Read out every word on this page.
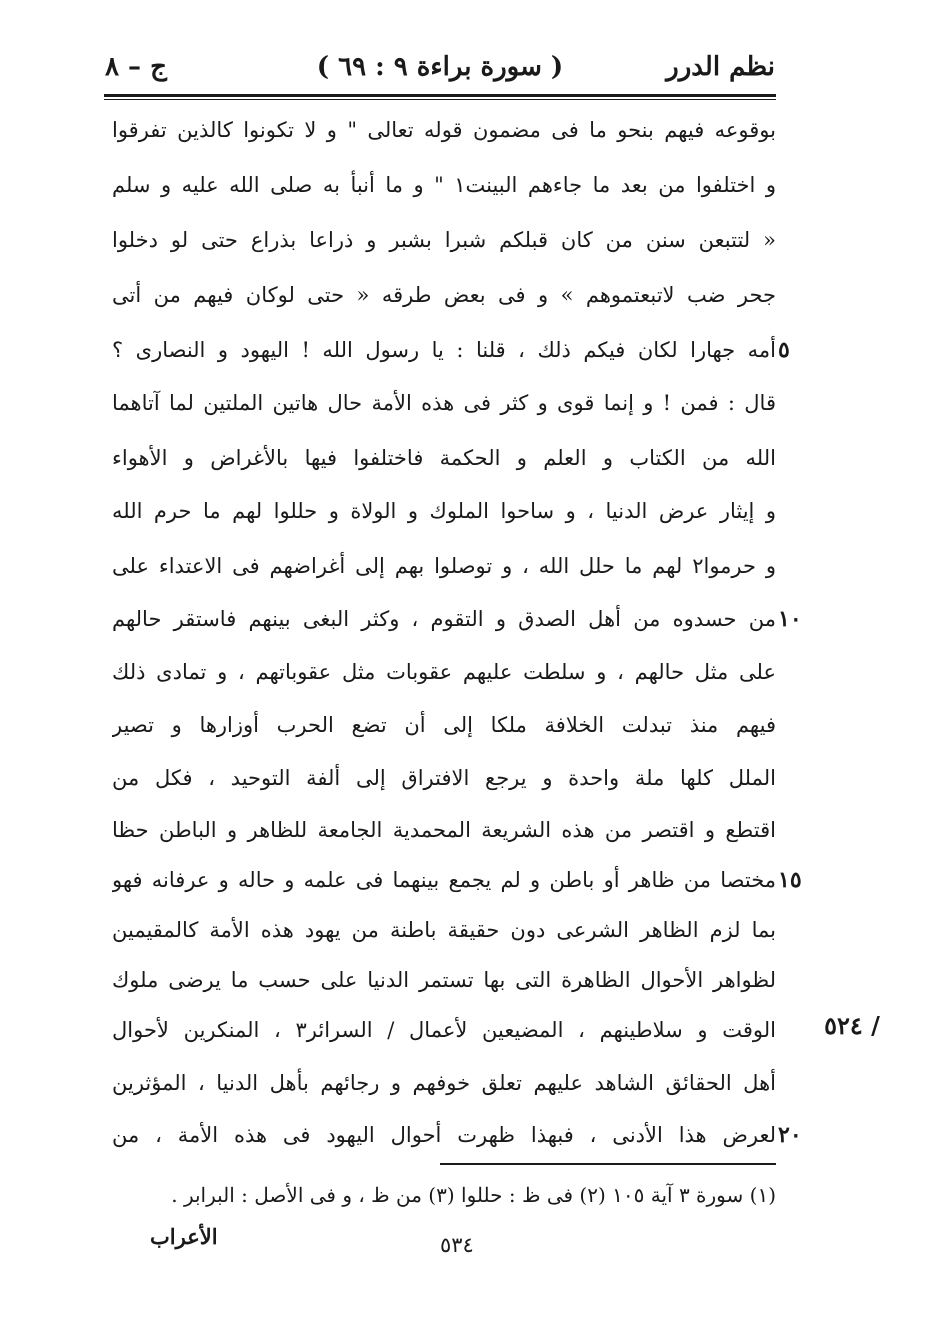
نظم الدرر
( سورة براءة ٩ : ٦٩ )
ج – ٨
بوقوعه فيهم بنحو ما فى مضمون قوله تعالى " و لا تكونوا كالذين تفرقوا
و اختلفوا من بعد ما جاءهم البينت١ " و ما أنبأ به صلى الله عليه و سلم
« لتتبعن سنن من كان قبلكم شبرا بشبر و ذراعا بذراع حتى لو دخلوا
جحر ضب لاتبعتموهم » و فى بعض طرقه « حتى لوكان فيهم من أتى
أمه جهارا لكان فيكم ذلك ، قلنا : يا رسول الله ! اليهود و النصارى ؟
قال : فمن ! و إنما قوى و كثر فى هذه الأمة حال هاتين الملتين لما آتاهما
الله من الكتاب و العلم و الحكمة فاختلفوا فيها بالأغراض و الأهواء
و إيثار عرض الدنيا ، و ساحوا الملوك و الولاة و حللوا لهم ما حرم الله
و حرموا٢ لهم ما حلل الله ، و توصلوا بهم إلى أغراضهم فى الاعتداء على
من حسدوه من أهل الصدق و التقوم ، وكثر البغى بينهم فاستقر حالهم
على مثل حالهم ، و سلطت عليهم عقوبات مثل عقوباتهم ، و تمادى ذلك
فيهم منذ تبدلت الخلافة ملكا إلى أن تضع الحرب أوزارها و تصير
الملل كلها ملة واحدة و يرجع الافتراق إلى ألفة التوحيد ، فكل من
اقتطع و اقتصر من هذه الشريعة المحمدية الجامعة للظاهر و الباطن حظا
مختصا من ظاهر أو باطن و لم يجمع بينهما فى علمه و حاله و عرفانه فهو
بما لزم الظاهر الشرعى دون حقيقة باطنة من يهود هذه الأمة كالمقيمين
لظواهر الأحوال الظاهرة التى بها تستمر الدنيا على حسب ما يرضى ملوك
الوقت و سلاطينهم ، المضيعين لأعمال / السرائر٣ ، المنكرين لأحوال
أهل الحقائق الشاهد عليهم تعلق خوفهم و رجائهم بأهل الدنيا ، المؤثرين
لعرض هذا الأدنى ، فبهذا ظهرت أحوال اليهود فى هذه الأمة ، من
٥
١٠
١٥
٢٠
٥٢٤ /
(١) سورة ٣ آية ١٠٥ (٢) فى ظ : حللوا (٣) من ظ ، و فى الأصل : البرابر .
الأعراب	٥٣٤
